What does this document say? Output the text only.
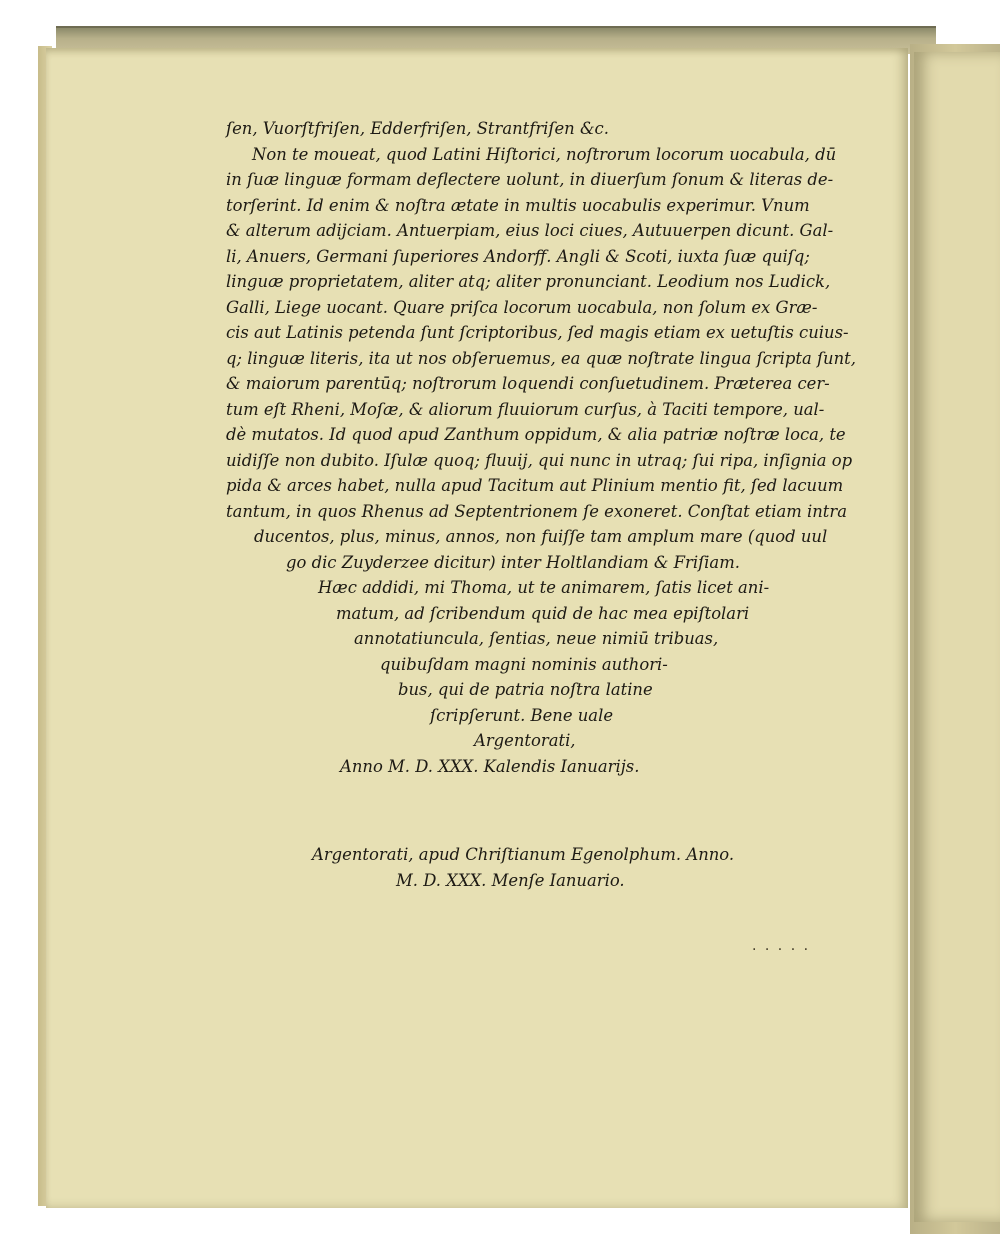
ſen, Vuorſtfriſen, Edderfriſen, Strantfriſen &c.
Non te moueat, quod Latini Hiſtorici, noſtrorum locorum uocabula, dū
in ſuæ linguæ formam deflectere uolunt, in diuerſum ſonum & literas de-
torſerint. Id enim & noſtra ætate in multis uocabulis experimur. Vnum
& alterum adijciam. Antuerpiam, eius loci ciues, Autuuerpen dicunt. Gal-
li, Anuers, Germani ſuperiores Andorff. Angli & Scoti, iuxta ſuæ quiſq;
linguæ proprietatem, aliter atq; aliter pronunciant. Leodium nos Ludick,
Galli, Liege uocant. Quare priſca locorum uocabula, non ſolum ex Græ-
cis aut Latinis petenda ſunt ſcriptoribus, ſed magis etiam ex uetuſtis cuius-
q; linguæ literis, ita ut nos obſeruemus, ea quæ noſtrate lingua ſcripta ſunt,
& maiorum parentūq; noſtrorum loquendi conſuetudinem. Præterea cer-
tum eſt Rheni, Moſæ, & aliorum fluuiorum curſus, à Taciti tempore, ual-
dè mutatos. Id quod apud Zanthum oppidum, & alia patriæ noſtræ loca, te
uidiſſe non dubito. Iſulæ quoq; fluuij, qui nunc in utraq; ſui ripa, inſignia op
pida & arces habet, nulla apud Tacitum aut Plinium mentio fit, ſed lacuum
tantum, in quos Rhenus ad Septentrionem ſe exoneret. Conſtat etiam intra
ducentos, plus, minus, annos, non fuiſſe tam amplum mare (quod uul
go dic Zuyderzee dicitur) inter Holtlandiam & Friſiam.
Hæc addidi, mi Thoma, ut te animarem, ſatis licet ani-
matum, ad ſcribendum quid de hac mea epiſtolari
annotatiuncula, ſentias, neue nimiū tribuas,
quibuſdam magni nominis authori-
bus, qui de patria noſtra latine
ſcripſerunt. Bene uale
Argentorati,
Anno M. D. XXX. Kalendis Ianuarijs.
Argentorati, apud Chriſtianum Egenolphum. Anno.
M. D. XXX. Menſe Ianuario.
· · · · ·
